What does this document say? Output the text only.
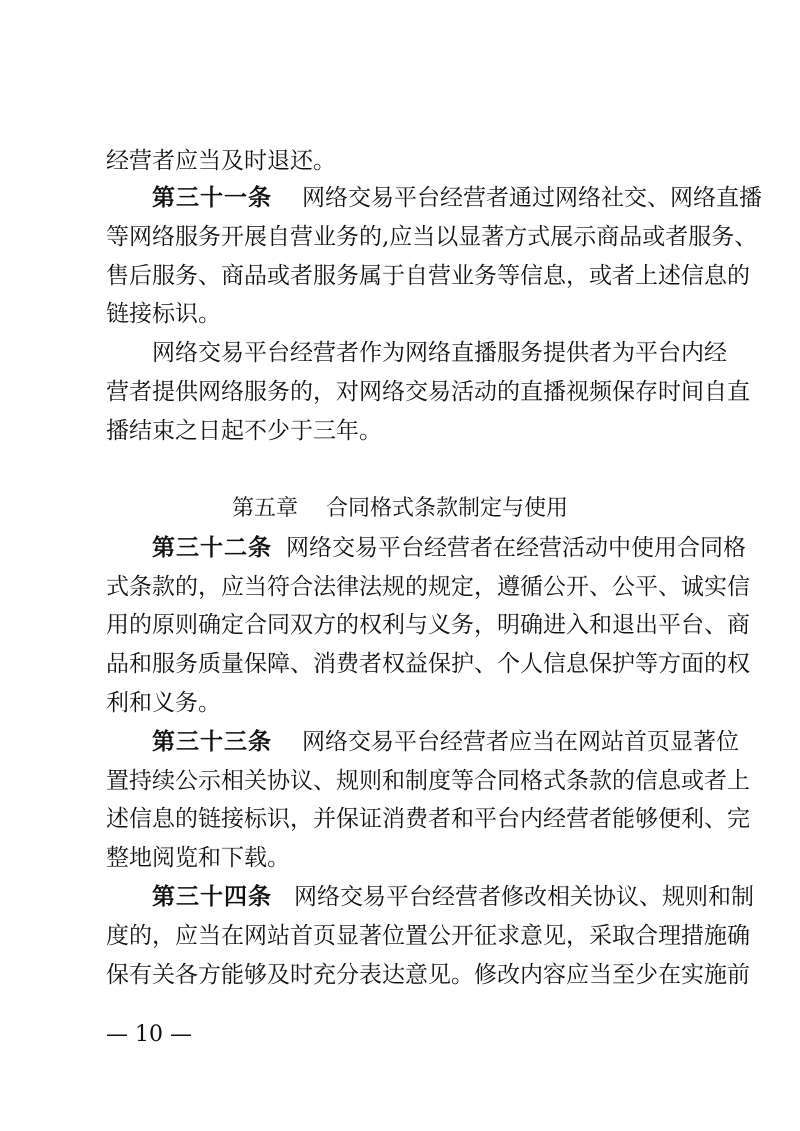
经营者应当及时退还。
第三十一条 网络交易平台经营者通过网络社交、网络直播
等网络服务开展自营业务的,应当以显著方式展示商品或者服务、
售后服务、商品或者服务属于自营业务等信息，或者上述信息的
链接标识。
网络交易平台经营者作为网络直播服务提供者为平台内经
营者提供网络服务的，对网络交易活动的直播视频保存时间自直
播结束之日起不少于三年。
第五章 合同格式条款制定与使用
第三十二条 网络交易平台经营者在经营活动中使用合同格
式条款的，应当符合法律法规的规定，遵循公开、公平、诚实信
用的原则确定合同双方的权利与义务，明确进入和退出平台、商
品和服务质量保障、消费者权益保护、个人信息保护等方面的权
利和义务。
第三十三条 网络交易平台经营者应当在网站首页显著位
置持续公示相关协议、规则和制度等合同格式条款的信息或者上
述信息的链接标识，并保证消费者和平台内经营者能够便利、完
整地阅览和下载。
第三十四条 网络交易平台经营者修改相关协议、规则和制
度的，应当在网站首页显著位置公开征求意见，采取合理措施确
保有关各方能够及时充分表达意见。修改内容应当至少在实施前
— 10 —
